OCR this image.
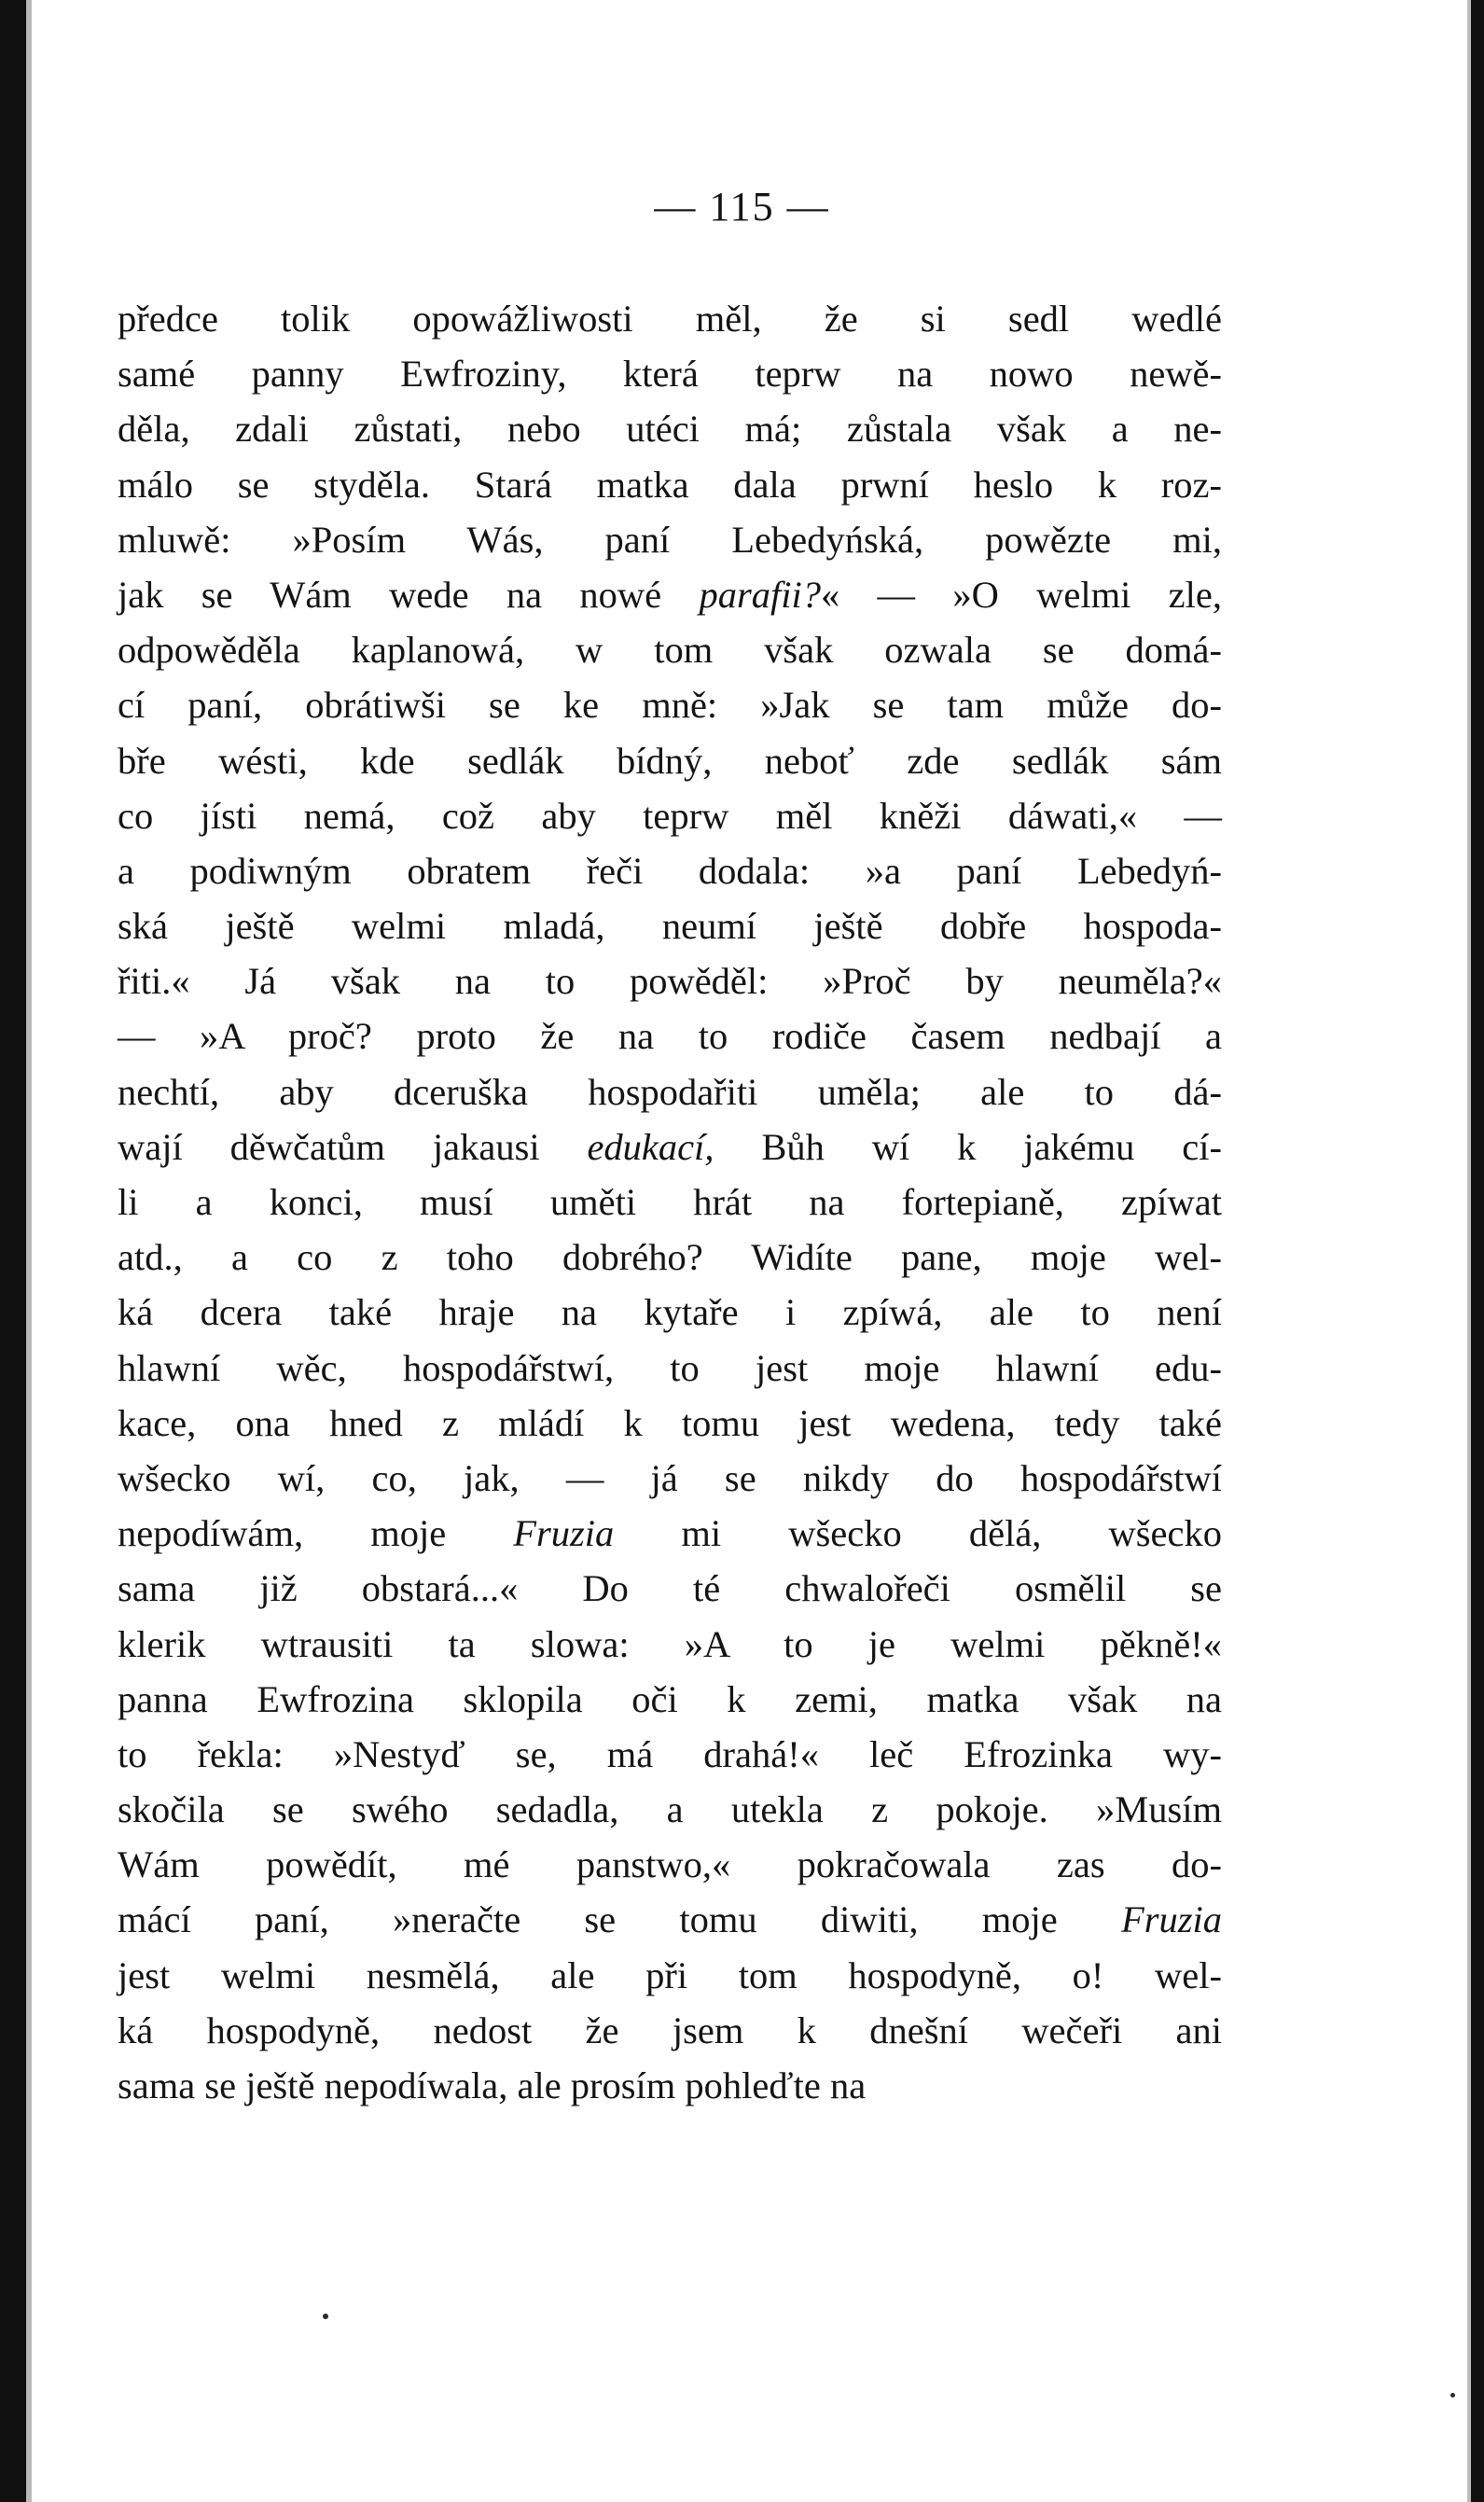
— 115 —
předce tolik opowážliwosti měl, že si sedl wedlé
samé panny Ewfroziny, která teprw na nowo newě-
děla, zdali zůstati, nebo utéci má; zůstala však a ne-
málo se styděla. Stará matka dala prwní heslo k roz-
mluwě: »Posím Wás, paní Lebedyńská, powězte mi,
jak se Wám wede na nowé parafii?« — »O welmi zle,
odpowěděla kaplanowá, w tom však ozwala se domá-
cí paní, obrátiwši se ke mně: »Jak se tam může do-
bře wésti, kde sedlák bídný, neboť zde sedlák sám
co jísti nemá, což aby teprw měl kněži dáwati,« —
a podiwným obratem řeči dodala: »a paní Lebedyń-
ská ještě welmi mladá, neumí ještě dobře hospoda-
řiti.« Já však na to powěděl: »Proč by neuměla?«
— »A proč? proto že na to rodiče časem nedbají a
nechtí, aby dceruška hospodařiti uměla; ale to dá-
wají děwčatům jakausi edukací, Bůh wí k jakému cí-
li a konci, musí uměti hrát na fortepianě, zpíwat
atd., a co z toho dobrého? Widíte pane, moje wel-
ká dcera také hraje na kytaře i zpíwá, ale to není
hlawní wěc, hospodářstwí, to jest moje hlawní edu-
kace, ona hned z mládí k tomu jest wedena, tedy také
wšecko wí, co, jak, — já se nikdy do hospodářstwí
nepodíwám, moje Fruzia mi wšecko dělá, wšecko
sama již obstará...« Do té chwalořeči osmělil se
klerik wtrausiti ta slowa: »A to je welmi pěkně!«
panna Ewfrozina sklopila oči k zemi, matka však na
to řekla: »Nestyď se, má drahá!« leč Efrozinka wy-
skočila se swého sedadla, a utekla z pokoje. »Musím
Wám powědít, mé panstwo,« pokračowala zas do-
mácí paní, »neračte se tomu diwiti, moje Fruzia
jest welmi nesmělá, ale při tom hospodyně, o! wel-
ká hospodyně, nedost že jsem k dnešní wečeři ani
sama se ještě nepodíwala, ale prosím pohleďte na
